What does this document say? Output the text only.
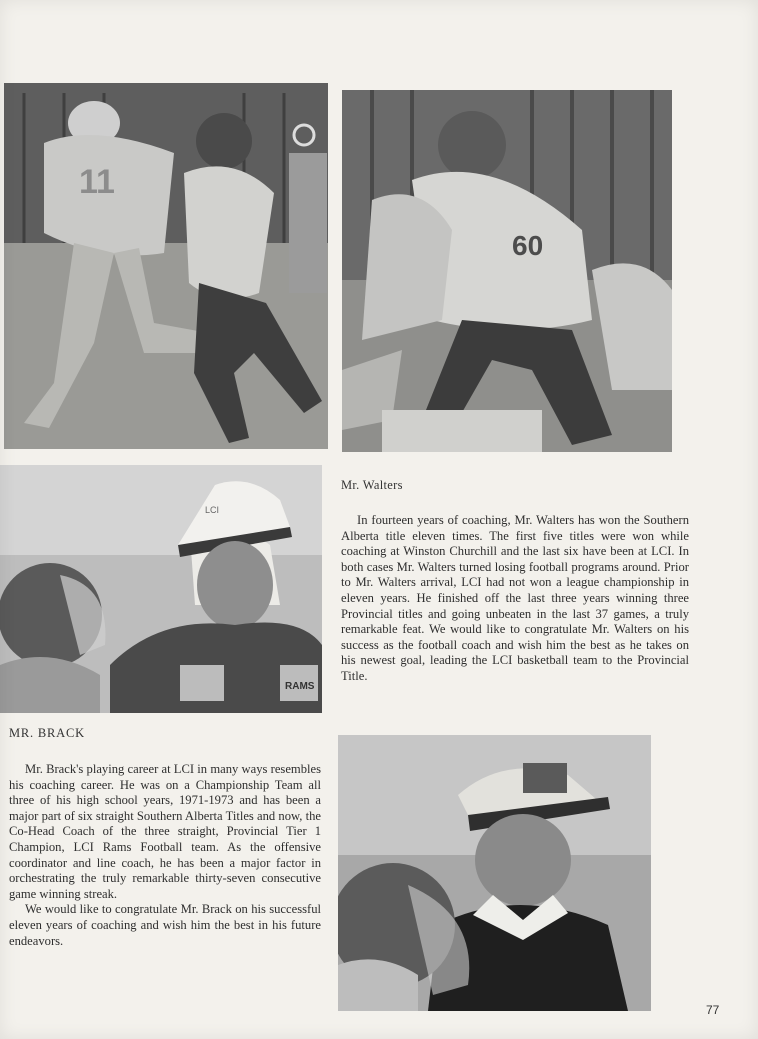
11
60
Mr. Walters

In fourteen years of coaching, Mr. Walters has won the Southern Alberta title eleven times. The first five titles were won while coaching at Winston Churchill and the last six have been at LCI. In both cases Mr. Walters turned losing football programs around. Prior to Mr. Walters arrival, LCI had not won a league championship in eleven years. He finished off the last three years winning three Provincial titles and going unbeaten in the last 37 games, a truly remarkable feat. We would like to congratulate Mr. Walters on his success as the football coach and wish him the best as he takes on his newest goal, leading the LCI basketball team to the Provincial Title.

LCI
RAMS
MR. BRACK

Mr. Brack's playing career at LCI in many ways resembles his coaching career. He was on a Championship Team all three of his high school years, 1971-1973 and has been a major part of six straight Southern Alberta Titles and now, the Co-Head Coach of the three straight, Provincial Tier 1 Champion, LCI Rams Football team. As the offensive coordinator and line coach, he has been a major factor in orchestrating the truly remarkable thirty-seven consecutive game winning streak.

We would like to congratulate Mr. Brack on his successful eleven years of coaching and wish him the best in his future endeavors.

77
